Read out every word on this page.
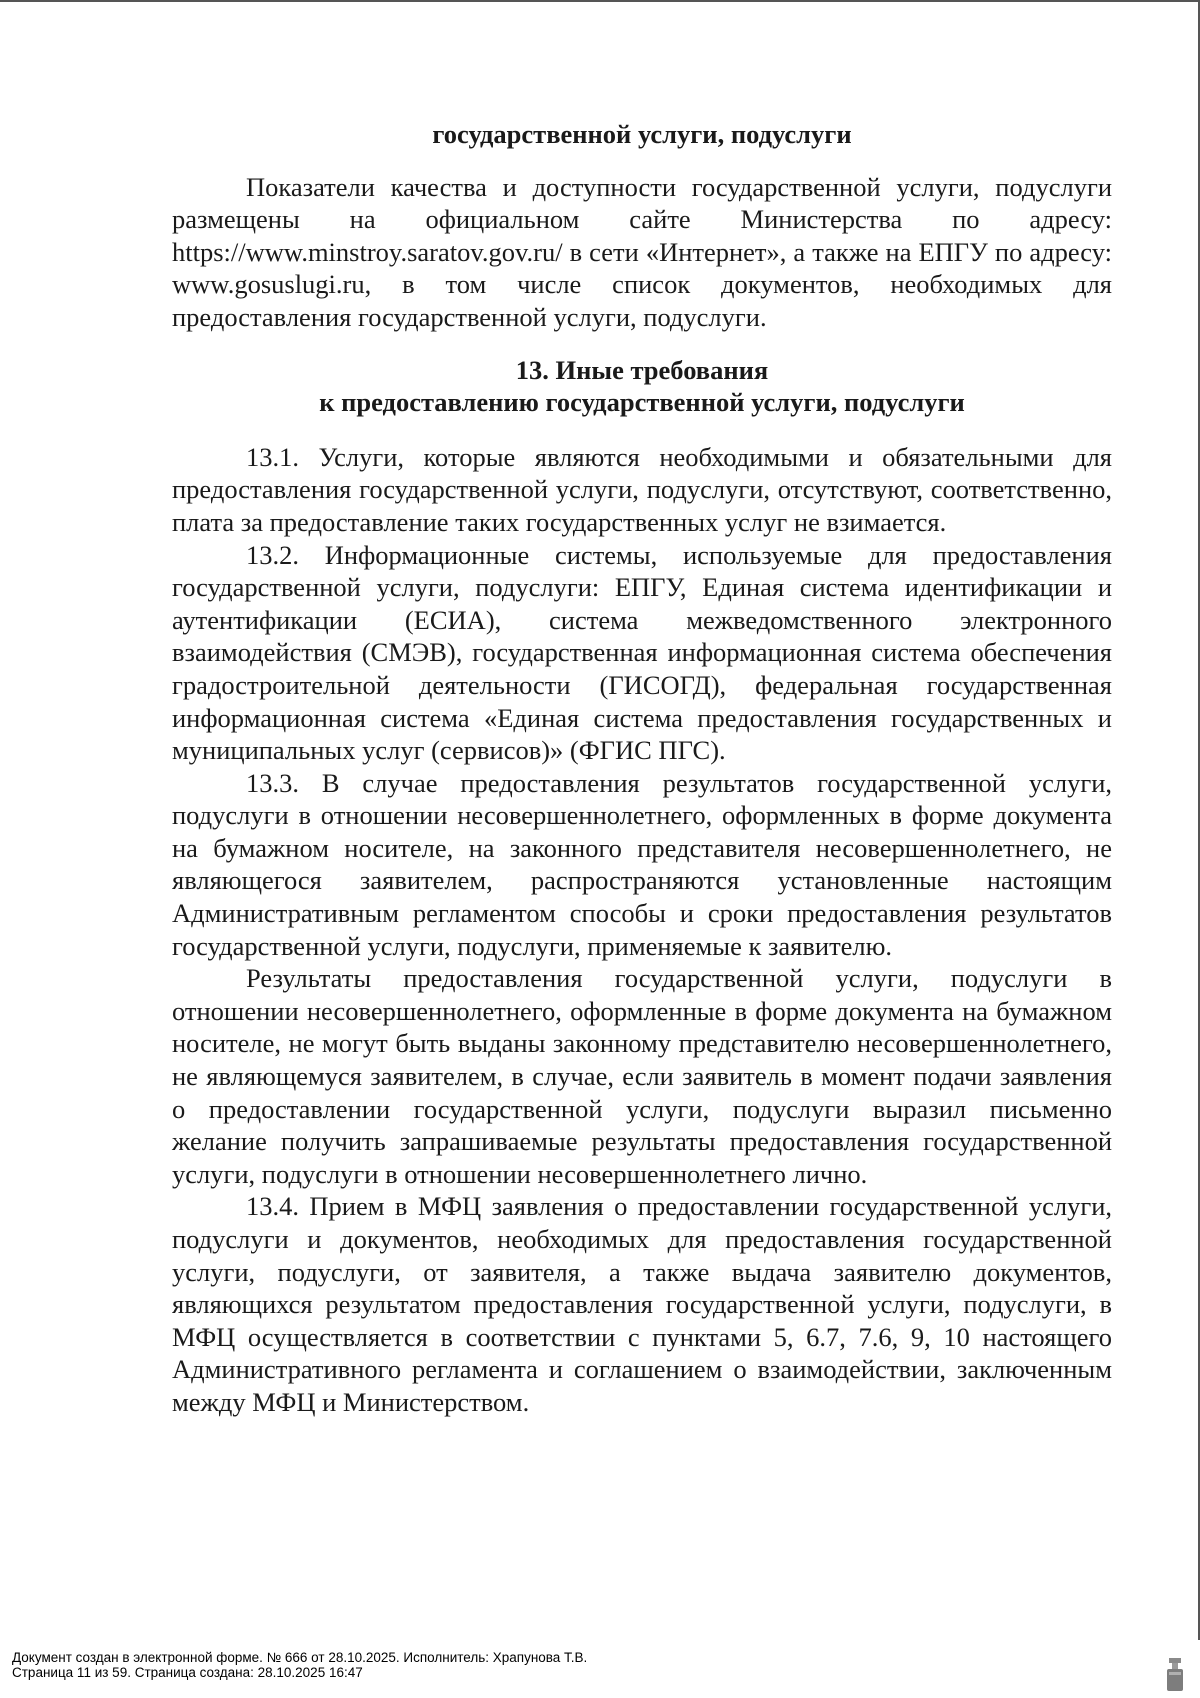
государственной услуги, подуслуги

Показатели качества и доступности государственной услуги, подуслуги размещены на официальном сайте Министерства по адресу: https://www.minstroy.saratov.gov.ru/ в сети «Интернет», а также на ЕПГУ по адресу: www.gosuslugi.ru, в том числе список документов, необходимых для предоставления государственной услуги, подуслуги.

13. Иные требования

к предоставлению государственной услуги, подуслуги

13.1. Услуги, которые являются необходимыми и обязательными для предоставления государственной услуги, подуслуги, отсутствуют, соответственно, плата за предоставление таких государственных услуг не взимается.

13.2. Информационные системы, используемые для предоставления государственной услуги, подуслуги: ЕПГУ, Единая система идентификации и аутентификации (ЕСИА), система межведомственного электронного взаимодействия (СМЭВ), государственная информационная система обеспечения градостроительной деятельности (ГИСОГД), федеральная государственная информационная система «Единая система предоставления государственных и муниципальных услуг (сервисов)» (ФГИС ПГС).

13.3. В случае предоставления результатов государственной услуги, подуслуги в отношении несовершеннолетнего, оформленных в форме документа на бумажном носителе, на законного представителя несовершеннолетнего, не являющегося заявителем, распространяются установленные настоящим Административным регламентом способы и сроки предоставления результатов государственной услуги, подуслуги, применяемые к заявителю.

Результаты предоставления государственной услуги, подуслуги в отношении несовершеннолетнего, оформленные в форме документа на бумажном носителе, не могут быть выданы законному представителю несовершеннолетнего, не являющемуся заявителем, в случае, если заявитель в момент подачи заявления о предоставлении государственной услуги, подуслуги выразил письменно желание получить запрашиваемые результаты предоставления государственной услуги, подуслуги в отношении несовершеннолетнего лично.

13.4. Прием в МФЦ заявления о предоставлении государственной услуги, подуслуги и документов, необходимых для предоставления государственной услуги, подуслуги, от заявителя, а также выдача заявителю документов, являющихся результатом предоставления государственной услуги, подуслуги, в МФЦ осуществляется в соответствии с пунктами 5, 6.7, 7.6, 9, 10 настоящего Административного регламента и соглашением о взаимодействии, заключенным между МФЦ и Министерством.

Документ создан в электронной форме. № 666 от 28.10.2025. Исполнитель: Храпунова Т.В.
Страница 11 из 59. Страница создана: 28.10.2025 16:47
